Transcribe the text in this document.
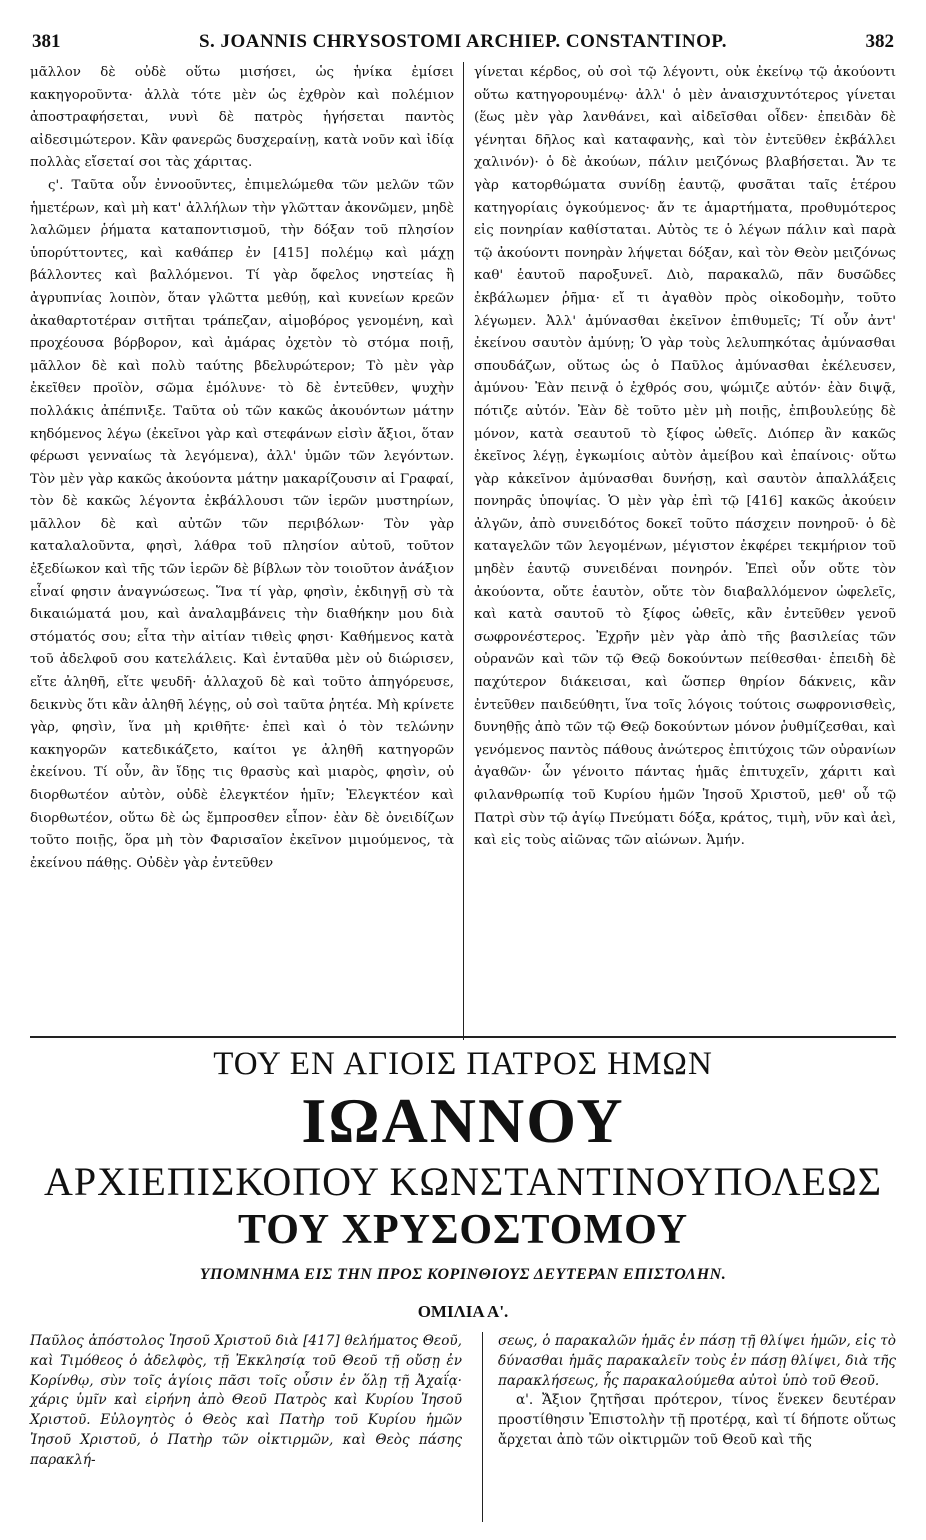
381	S. JOANNIS CHRYSOSTOMI ARCHIEP. CONSTANTINOP.	382

μᾶλλον δὲ οὐδὲ οὕτω μισήσει, ὡς ἡνίκα ἐμίσει κακηγοροῦντα· ἀλλὰ τότε μὲν ὡς ἐχθρὸν καὶ πολέμιον ἀποστραφήσεται, νυνὶ δὲ πατρὸς ἡγήσεται παντὸς αἰδεσιμώτερον. Κἂν φανερῶς δυσχεραίνῃ, κατὰ νοῦν καὶ ἰδίᾳ πολλὰς εἴσεταί σοι τὰς χάριτας.

ς'. Ταῦτα οὖν ἐννοοῦντες, ἐπιμελώμεθα τῶν μελῶν τῶν ἡμετέρων, καὶ μὴ κατ' ἀλλήλων τὴν γλῶτταν ἀκονῶμεν, μηδὲ λαλῶμεν ῥήματα καταποντισμοῦ, τὴν δόξαν τοῦ πλησίον ὑπορύττοντες, καὶ καθάπερ ἐν [415] πολέμῳ καὶ μάχῃ βάλλοντες καὶ βαλλόμενοι. Τί γὰρ ὄφελος νηστείας ἢ ἀγρυπνίας λοιπὸν, ὅταν γλῶττα μεθύῃ, καὶ κυνείων κρεῶν ἀκαθαρτοτέραν σιτῆται τράπεζαν, αἱμοβόρος γενομένη, καὶ προχέουσα βόρβορον, καὶ ἀμάρας ὀχετὸν τὸ στόμα ποιῇ, μᾶλλον δὲ καὶ πολὺ ταύτης βδελυρώτερον; Τὸ μὲν γὰρ ἐκεῖθεν προϊὸν, σῶμα ἐμόλυνε· τὸ δὲ ἐντεῦθεν, ψυχὴν πολλάκις ἀπέπνιξε. Ταῦτα οὐ τῶν κακῶς ἀκουόντων μάτην κηδόμενος λέγω (ἐκεῖνοι γὰρ καὶ στεφάνων εἰσὶν ἄξιοι, ὅταν φέρωσι γενναίως τὰ λεγόμενα), ἀλλ' ὑμῶν τῶν λεγόντων. Τὸν μὲν γὰρ κακῶς ἀκούοντα μάτην μακαρίζουσιν αἱ Γραφαί, τὸν δὲ κακῶς λέγοντα ἐκβάλλουσι τῶν ἱερῶν μυστηρίων, μᾶλλον δὲ καὶ αὐτῶν τῶν περιβόλων· Τὸν γὰρ καταλαλοῦντα, φησὶ, λάθρα τοῦ πλησίον αὐτοῦ, τοῦτον ἐξεδίωκον καὶ τῆς τῶν ἱερῶν δὲ βίβλων τὸν τοιοῦτον ἀνάξιον εἶναί φησιν ἀναγνώσεως. Ἵνα τί γὰρ, φησὶν, ἐκδιηγῇ σὺ τὰ δικαιώματά μου, καὶ ἀναλαμβάνεις τὴν διαθήκην μου διὰ στόματός σου; εἶτα τὴν αἰτίαν τιθεὶς φησι· Καθήμενος κατὰ τοῦ ἀδελφοῦ σου κατελάλεις. Καὶ ἐνταῦθα μὲν οὐ διώρισεν, εἴτε ἀληθῆ, εἴτε ψευδῆ· ἀλλαχοῦ δὲ καὶ τοῦτο ἀπηγόρευσε, δεικνὺς ὅτι κἂν ἀληθῆ λέγῃς, οὐ σοὶ ταῦτα ῥητέα. Μὴ κρίνετε γὰρ, φησὶν, ἵνα μὴ κριθῆτε· ἐπεὶ καὶ ὁ τὸν τελώνην κακηγορῶν κατεδικάζετο, καίτοι γε ἀληθῆ κατηγορῶν ἐκείνου. Τί οὖν, ἂν ἴδῃς τις θρασὺς καὶ μιαρὸς, φησὶν, οὐ διορθωτέον αὐτὸν, οὐδὲ ἐλεγκτέον ἡμῖν; Ἐλεγκτέον καὶ διορθωτέον, οὕτω δὲ ὡς ἔμπροσθεν εἶπον· ἐὰν δὲ ὀνειδίζων τοῦτο ποιῇς, ὅρα μὴ τὸν Φαρισαῖον ἐκεῖνον μιμούμενος, τὰ ἐκείνου πάθῃς. Οὐδὲν γὰρ ἐντεῦθεν

γίνεται κέρδος, οὐ σοὶ τῷ λέγοντι, οὐκ ἐκείνῳ τῷ ἀκούοντι οὕτω κατηγορουμένῳ· ἀλλ' ὁ μὲν ἀναισχυντότερος γίνεται (ἕως μὲν γὰρ λανθάνει, καὶ αἰδεῖσθαι οἶδεν· ἐπειδὰν δὲ γένηται δῆλος καὶ καταφανὴς, καὶ τὸν ἐντεῦθεν ἐκβάλλει χαλινόν)· ὁ δὲ ἀκούων, πάλιν μειζόνως βλαβήσεται. Ἄν τε γὰρ κατορθώματα συνίδῃ ἑαυτῷ, φυσᾶται ταῖς ἑτέρου κατηγορίαις ὀγκούμενος· ἄν τε ἁμαρτήματα, προθυμότερος εἰς πονηρίαν καθίσταται. Αὐτὸς τε ὁ λέγων πάλιν καὶ παρὰ τῷ ἀκούοντι πονηρὰν λήψεται δόξαν, καὶ τὸν Θεὸν μειζόνως καθ' ἑαυτοῦ παροξυνεῖ. Διὸ, παρακαλῶ, πᾶν δυσῶδες ἐκβάλωμεν ῥῆμα· εἴ τι ἀγαθὸν πρὸς οἰκοδομὴν, τοῦτο λέγωμεν. Ἀλλ' ἀμύνασθαι ἐκεῖνον ἐπιθυμεῖς; Τί οὖν ἀντ' ἐκείνου σαυτὸν ἀμύνῃ; Ὁ γὰρ τοὺς λελυπηκότας ἀμύνασθαι σπουδάζων, οὕτως ὡς ὁ Παῦλος ἀμύνασθαι ἐκέλευσεν, ἀμύνου· Ἐὰν πεινᾷ ὁ ἐχθρός σου, ψώμιζε αὐτόν· ἐὰν διψᾷ, πότιζε αὐτόν. Ἐὰν δὲ τοῦτο μὲν μὴ ποιῇς, ἐπιβουλεύῃς δὲ μόνον, κατὰ σεαυτοῦ τὸ ξίφος ὠθεῖς. Διόπερ ἂν κακῶς ἐκεῖνος λέγῃ, ἐγκωμίοις αὐτὸν ἀμείβου καὶ ἐπαίνοις· οὕτω γὰρ κἀκεῖνον ἀμύνασθαι δυνήσῃ, καὶ σαυτὸν ἀπαλλάξεις πονηρᾶς ὑποψίας. Ὁ μὲν γὰρ ἐπὶ τῷ [416] κακῶς ἀκούειν ἀλγῶν, ἀπὸ συνειδότος δοκεῖ τοῦτο πάσχειν πονηροῦ· ὁ δὲ καταγελῶν τῶν λεγομένων, μέγιστον ἐκφέρει τεκμήριον τοῦ μηδὲν ἑαυτῷ συνειδέναι πονηρόν. Ἐπεὶ οὖν οὔτε τὸν ἀκούοντα, οὔτε ἑαυτὸν, οὔτε τὸν διαβαλλόμενον ὠφελεῖς, καὶ κατὰ σαυτοῦ τὸ ξίφος ὠθεῖς, κἂν ἐντεῦθεν γενοῦ σωφρονέστερος. Ἐχρῆν μὲν γὰρ ἀπὸ τῆς βασιλείας τῶν οὐρανῶν καὶ τῶν τῷ Θεῷ δοκούντων πείθεσθαι· ἐπειδὴ δὲ παχύτερον διάκεισαι, καὶ ὥσπερ θηρίον δάκνεις, κἂν ἐντεῦθεν παιδεύθητι, ἵνα τοῖς λόγοις τούτοις σωφρονισθεὶς, δυνηθῇς ἀπὸ τῶν τῷ Θεῷ δοκούντων μόνον ῥυθμίζεσθαι, καὶ γενόμενος παντὸς πάθους ἀνώτερος ἐπιτύχοις τῶν οὐρανίων ἀγαθῶν· ὧν γένοιτο πάντας ἡμᾶς ἐπιτυχεῖν, χάριτι καὶ φιλανθρωπίᾳ τοῦ Κυρίου ἡμῶν Ἰησοῦ Χριστοῦ, μεθ' οὗ τῷ Πατρὶ σὺν τῷ ἁγίῳ Πνεύματι δόξα, κράτος, τιμὴ, νῦν καὶ ἀεὶ, καὶ εἰς τοὺς αἰῶνας τῶν αἰώνων. Ἀμήν.

ΤΟΥ ΕΝ ΑΓΙΟΙΣ ΠΑΤΡΟΣ ΗΜΩΝ
ΙΩΑΝΝΟΥ
ΑΡΧΙΕΠΙΣΚΟΠΟΥ ΚΩΝΣΤΑΝΤΙΝΟΥΠΟΛΕΩΣ
ΤΟΥ ΧΡΥΣΟΣΤΟΜΟΥ
ΥΠΟΜΝΗΜΑ ΕΙΣ ΤΗΝ ΠΡΟΣ ΚΟΡΙΝΘΙΟΥΣ ΔΕΥΤΕΡΑΝ ΕΠΙΣΤΟΛΗΝ.
ΟΜΙΛΙΑ Α'.

Παῦλος ἀπόστολος Ἰησοῦ Χριστοῦ διὰ [417] θελήματος Θεοῦ, καὶ Τιμόθεος ὁ ἀδελφὸς, τῇ Ἐκκλησίᾳ τοῦ Θεοῦ τῇ οὔσῃ ἐν Κορίνθῳ, σὺν τοῖς ἁγίοις πᾶσι τοῖς οὖσιν ἐν ὅλῃ τῇ Ἀχαΐᾳ· χάρις ὑμῖν καὶ εἰρήνη ἀπὸ Θεοῦ Πατρὸς καὶ Κυρίου Ἰησοῦ Χριστοῦ. Εὐλογητὸς ὁ Θεὸς καὶ Πατὴρ τοῦ Κυρίου ἡμῶν Ἰησοῦ Χριστοῦ, ὁ Πατὴρ τῶν οἰκτιρμῶν, καὶ Θεὸς πάσης παρακλή-

σεως, ὁ παρακαλῶν ἡμᾶς ἐν πάσῃ τῇ θλίψει ἡμῶν, εἰς τὸ δύνασθαι ἡμᾶς παρακαλεῖν τοὺς ἐν πάσῃ θλίψει, διὰ τῆς παρακλήσεως, ἧς παρακαλούμεθα αὐτοὶ ὑπὸ τοῦ Θεοῦ.

α'. Ἄξιον ζητῆσαι πρότερον, τίνος ἕνεκεν δευτέραν προστίθησιν Ἐπιστολὴν τῇ προτέρᾳ, καὶ τί δήποτε οὕτως ἄρχεται ἀπὸ τῶν οἰκτιρμῶν τοῦ Θεοῦ καὶ τῆς
